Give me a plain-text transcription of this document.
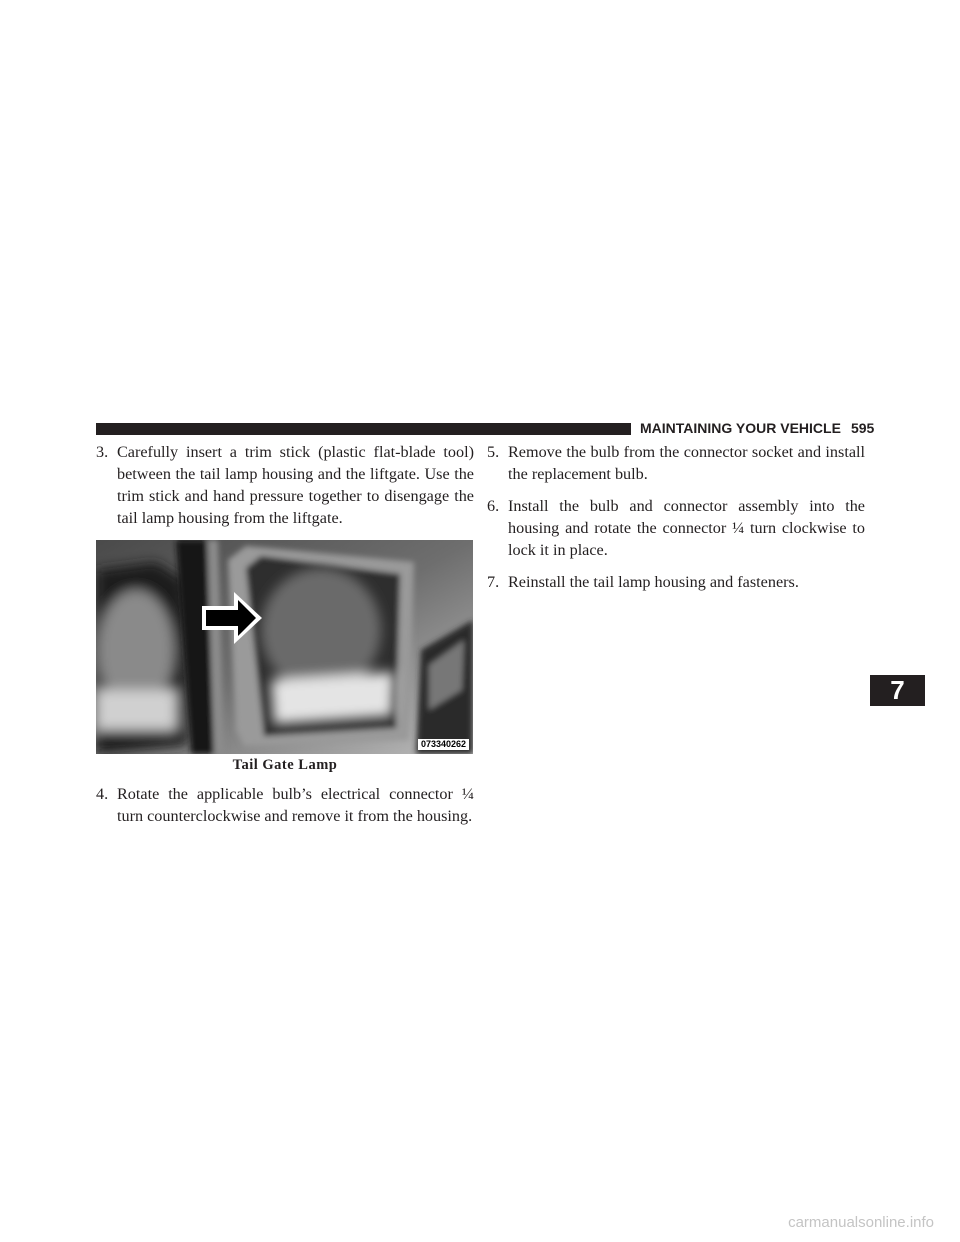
MAINTAINING YOUR VEHICLE 595

3. Carefully insert a trim stick (plastic flat-blade tool) between the tail lamp housing and the liftgate. Use the trim stick and hand pressure together to disengage the tail lamp housing from the liftgate.

073340262
Tail Gate Lamp

4. Rotate the applicable bulb’s electrical connector ¼ turn counterclockwise and remove it from the housing.

5. Remove the bulb from the connector socket and install the replacement bulb.

6. Install the bulb and connector assembly into the housing and rotate the connector ¼ turn clockwise to lock it in place.

7. Reinstall the tail lamp housing and fasteners.

7
carmanualsonline.info
